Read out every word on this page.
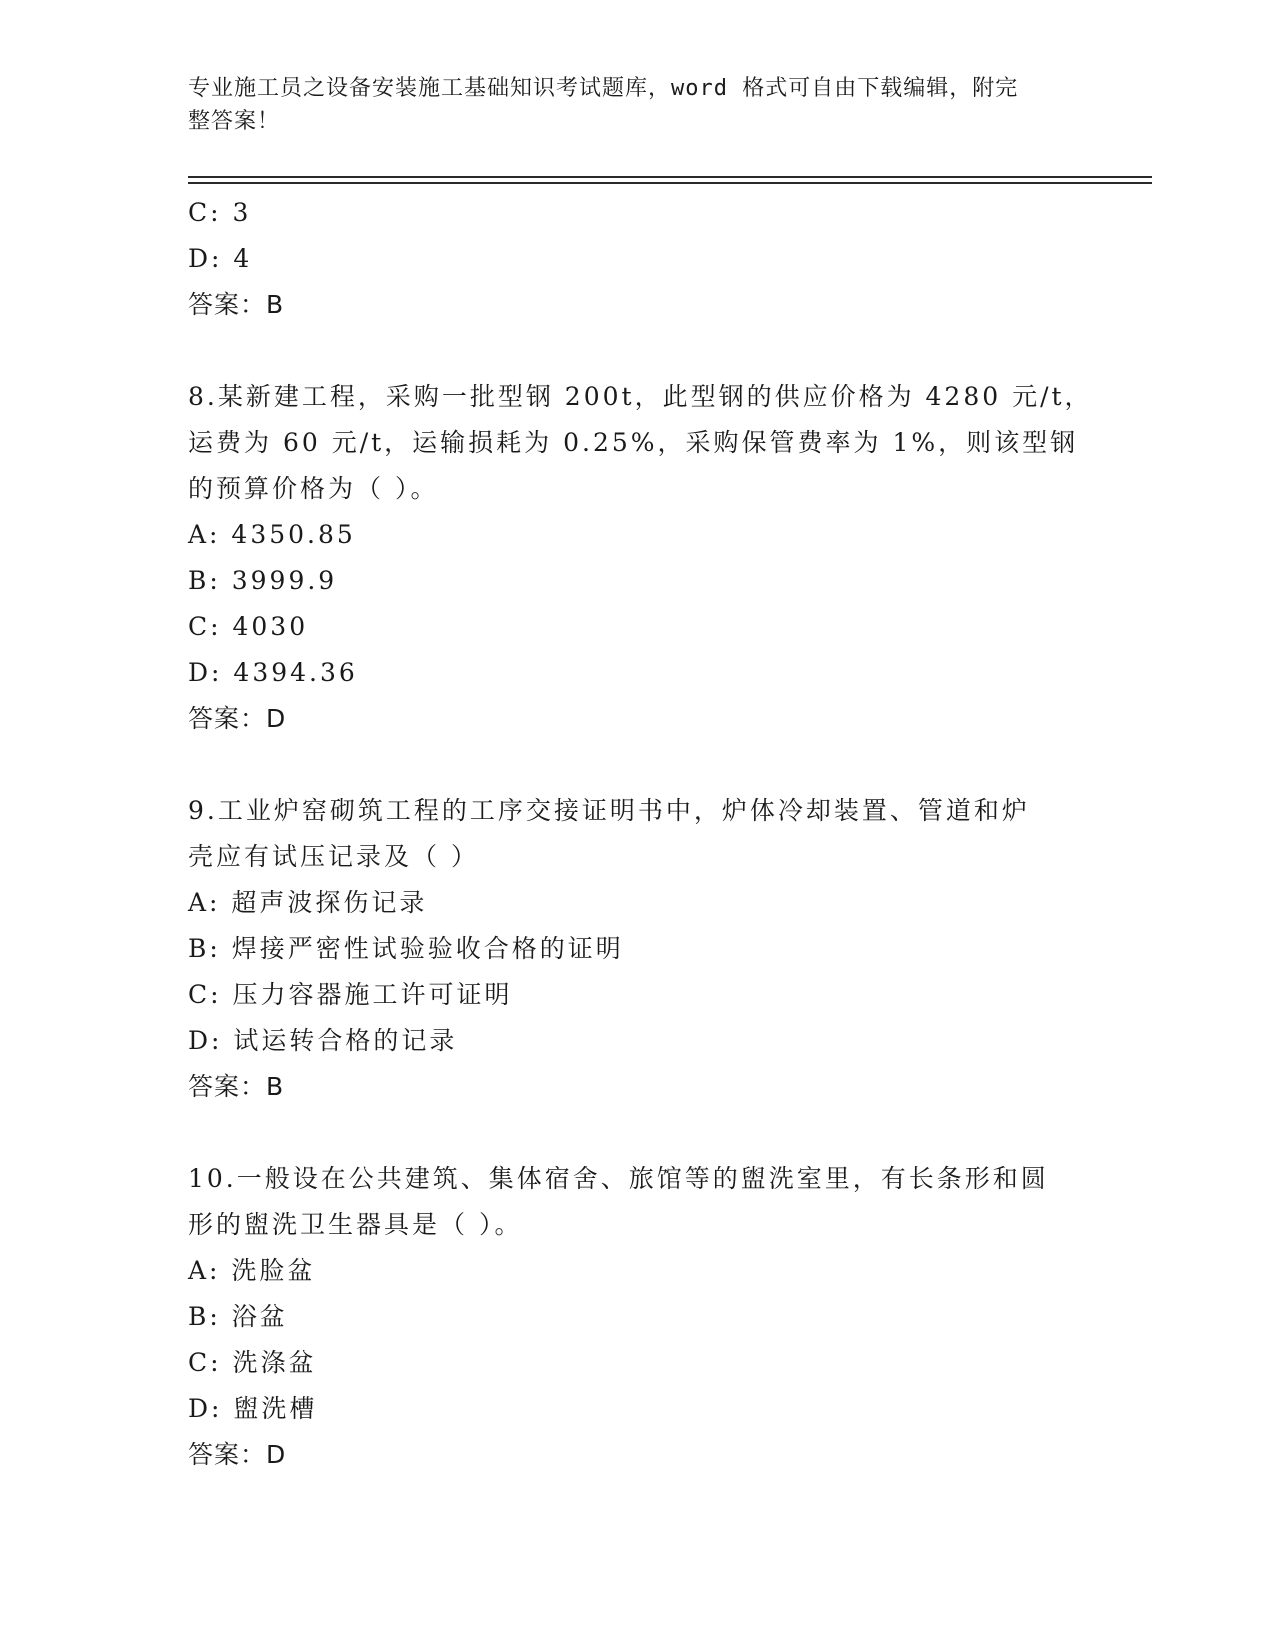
专业施工员之设备安装施工基础知识考试题库，word 格式可自由下载编辑，附完
整答案！
C: 3
D: 4
答案：B
8.某新建工程，采购一批型钢 200t，此型钢的供应价格为 4280 元/t，
运费为 60 元/t，运输损耗为 0.25%，采购保管费率为 1%，则该型钢
的预算价格为（ ）。
A: 4350.85
B: 3999.9
C: 4030
D: 4394.36
答案：D
9.工业炉窑砌筑工程的工序交接证明书中，炉体冷却装置、管道和炉
壳应有试压记录及（ ）
A: 超声波探伤记录
B: 焊接严密性试验验收合格的证明
C: 压力容器施工许可证明
D: 试运转合格的记录
答案：B
10.一般设在公共建筑、集体宿舍、旅馆等的盥洗室里，有长条形和圆
形的盥洗卫生器具是（ ）。
A: 洗脸盆
B: 浴盆
C: 洗涤盆
D: 盥洗槽
答案：D
